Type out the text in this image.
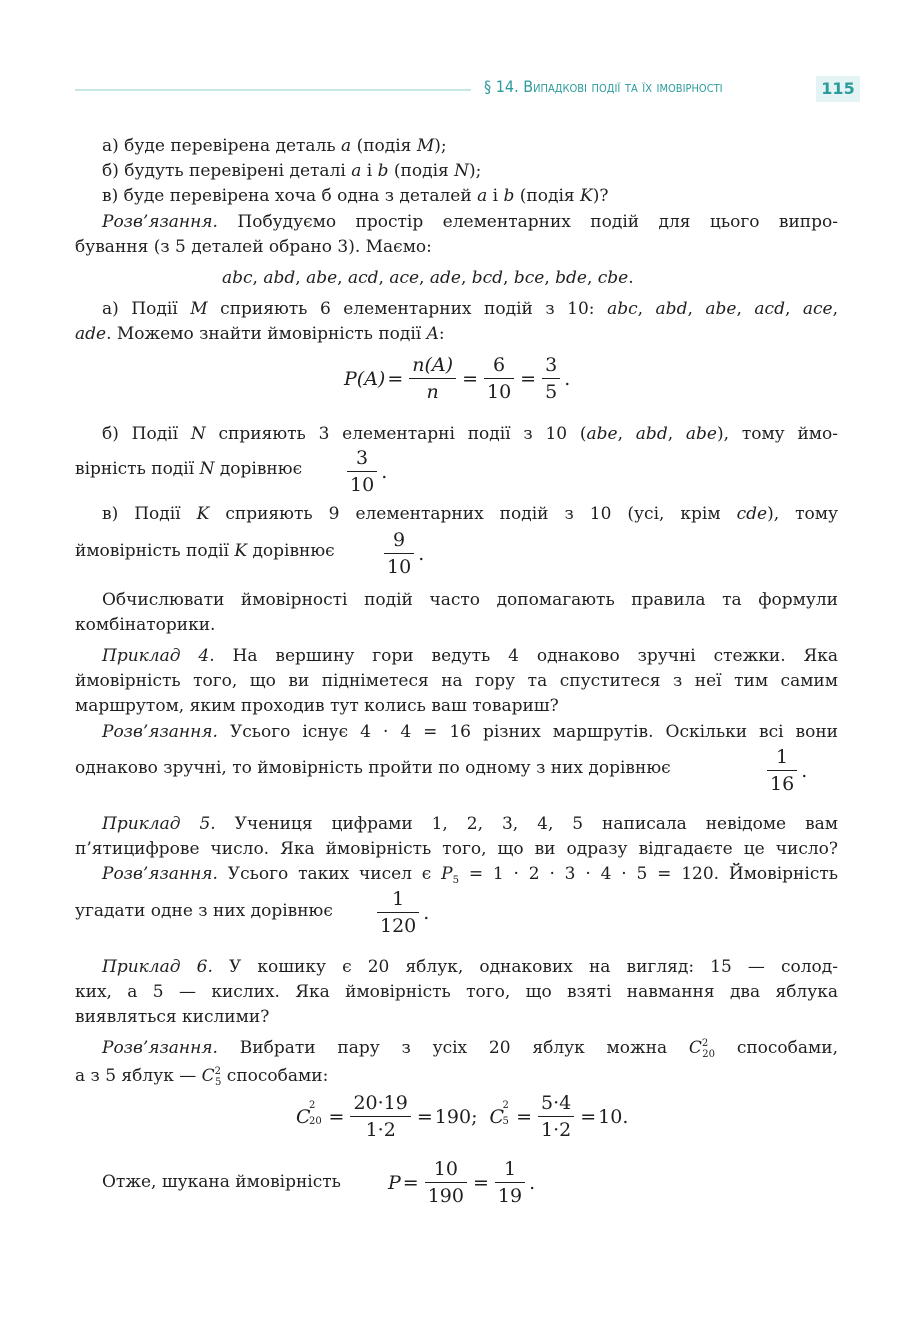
§ 14. Випадкові події та їх імовірності	115
а) буде перевірена деталь a (подія M);
б) будуть перевірені деталі a і b (подія N);
в) буде перевірена хоча б одна з деталей a і b (подія K)?
Розв’язання. Побудуємо простір елементарних подій для цього випро-
бування (з 5 деталей обрано 3). Маємо:
abc, abd, abe, acd, ace, ade, bcd, bce, bde, cbe.
а) Події M сприяють 6 елементарних подій з 10: abc, abd, abe, acd, ace,
ade. Можемо знайти ймовірність події A:
б) Події N сприяють 3 елементарні події з 10 (abe, abd, abe), тому ймо-
вірність події N дорівнює
в) Події K сприяють 9 елементарних подій з 10 (усі, крім cde), тому
ймовірність події K дорівнює
Обчислювати ймовірності подій часто допомагають правила та формули
комбінаторики.
Приклад 4. На вершину гори ведуть 4 однаково зручні стежки. Яка
ймовірність того, що ви підніметеся на гору та спуститеся з неї тим самим
маршрутом, яким проходив тут колись ваш товариш?
Розв’язання. Усього існує 4 · 4 = 16 різних маршрутів. Оскільки всі вони
однаково зручні, то ймовірність пройти по одному з них дорівнює
Приклад 5. Учениця цифрами 1, 2, 3, 4, 5 написала невідоме вам
п’ятицифрове число. Яка ймовірність того, що ви одразу відгадаєте це число?
Розв’язання. Усього таких чисел є $P_5 = 1 \cdot 2 \cdot 3 \cdot 4 \cdot 5 = 120$. Ймовірність
угадати одне з них дорівнює
Приклад 6. У кошику є 20 яблук, однакових на вигляд: 15 — солод-
ких, а 5 — кислих. Яка ймовірність того, що взяті навмання два яблука
виявляться кислими?
Розв’язання. Вибрати пару з усіх 20 яблук можна $C^2_{20}$ способами,
а з 5 яблук — $C^2_5$ способами:
Отже, шукана ймовірність
$P(A) = \frac{n(A)}{n} = \frac{6}{10} = \frac{3}{5}$ .
$\frac{3}{10}$ .
$\frac{9}{10}$ .
$\frac{1}{16}$ .
$\frac{1}{120}$ .
C
2
$20 = \frac{20\cdot 19}{1\cdot 2} = 190$ ; C
2
$5 = \frac{5\cdot 4}{1\cdot 2} = 10$ .
$P = \frac{10}{190} = \frac{1}{19}$ .
